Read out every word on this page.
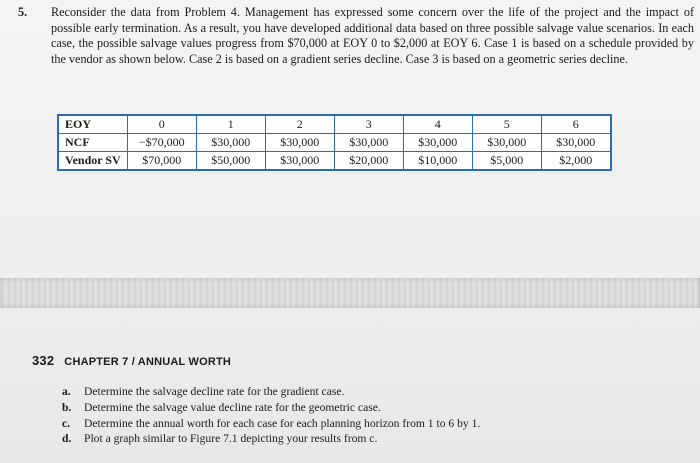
5. Reconsider the data from Problem 4. Management has expressed some concern over the life of the project and the impact of possible early termination. As a result, you have developed additional data based on three possible salvage value scenarios. In each case, the possible salvage values progress from $70,000 at EOY 0 to $2,000 at EOY 6. Case 1 is based on a schedule provided by the vendor as shown below. Case 2 is based on a gradient series decline. Case 3 is based on a geometric series decline.
EOY	0	1	2	3	4	5	6
NCF	−$70,000	$30,000	$30,000	$30,000	$30,000	$30,000	$30,000
Vendor SV	$70,000	$50,000	$30,000	$20,000	$10,000	$5,000	$2,000
332 CHAPTER 7 / ANNUAL WORTH
a. Determine the salvage decline rate for the gradient case.
b. Determine the salvage value decline rate for the geometric case.
c. Determine the annual worth for each case for each planning horizon from 1 to 6 by 1.
d. Plot a graph similar to Figure 7.1 depicting your results from c.
